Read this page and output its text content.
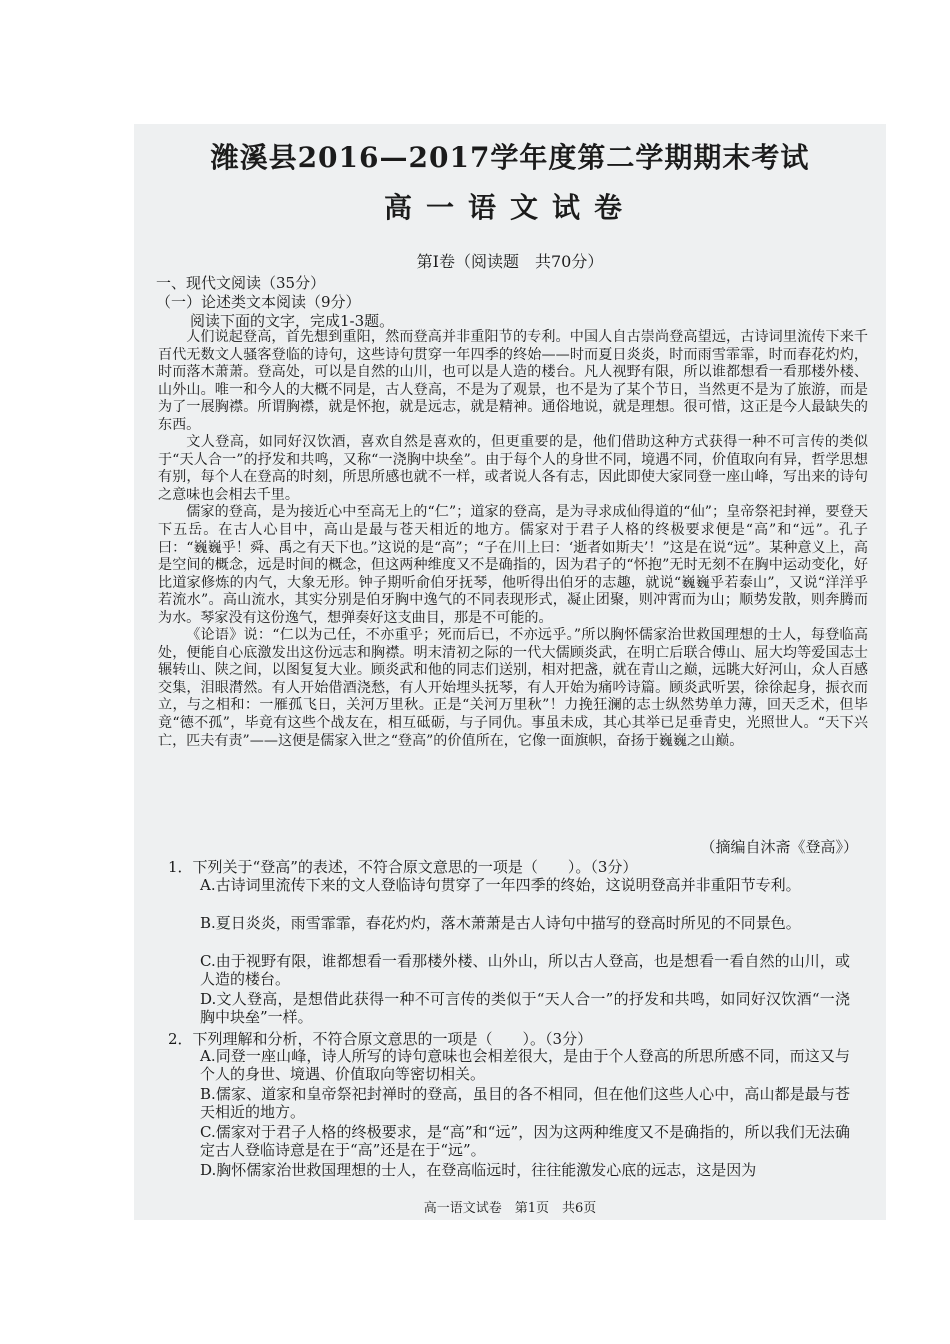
潍溪县2016—2017学年度第二学期期末考试
高一语文试卷
第Ⅰ卷（阅读题　共70分）
一、现代文阅读（35分）
（一）论述类文本阅读（9分）
阅读下面的文字，完成1-3题。
人们说起登高，首先想到重阳，然而登高并非重阳节的专利。中国人自古崇尚登高望远，古诗词里流传下来千百代无数文人骚客登临的诗句，这些诗句贯穿一年四季的终始——时而夏日炎炎，时而雨雪霏霏，时而春花灼灼，时而落木萧萧。登高处，可以是自然的山川，也可以是人造的楼台。凡人视野有限，所以谁都想看一看那楼外楼、山外山。唯一和今人的大概不同是，古人登高，不是为了观景，也不是为了某个节日，当然更不是为了旅游，而是为了一展胸襟。所谓胸襟，就是怀抱，就是远志，就是精神。通俗地说，就是理想。很可惜，这正是今人最缺失的东西。
文人登高，如同好汉饮酒，喜欢自然是喜欢的，但更重要的是，他们借助这种方式获得一种不可言传的类似于“天人合一”的抒发和共鸣，又称“一浇胸中块垒”。由于每个人的身世不同，境遇不同，价值取向有异，哲学思想有别，每个人在登高的时刻，所思所感也就不一样，或者说人各有志，因此即使大家同登一座山峰，写出来的诗句之意味也会相去千里。
儒家的登高，是为接近心中至高无上的“仁”；道家的登高，是为寻求成仙得道的“仙”；皇帝祭祀封禅，要登天下五岳。在古人心目中，高山是最与苍天相近的地方。儒家对于君子人格的终极要求便是“高”和“远”。孔子曰：“巍巍乎！舜、禹之有天下也。”这说的是“高”；“子在川上曰：‘逝者如斯夫’！”这是在说“远”。某种意义上，高是空间的概念，远是时间的概念，但这两种维度又不是确指的，因为君子的“怀抱”无时无刻不在胸中运动变化，好比道家修炼的内气，大象无形。钟子期听俞伯牙抚琴，他听得出伯牙的志趣，就说“巍巍乎若泰山”，又说“洋洋乎若流水”。高山流水，其实分别是伯牙胸中逸气的不同表现形式，凝止团聚，则冲霄而为山；顺势发散，则奔腾而为水。琴家没有这份逸气，想弹奏好这支曲目，那是不可能的。
《论语》说：“仁以为己任，不亦重乎；死而后已，不亦远乎。”所以胸怀儒家治世救国理想的士人，每登临高处，便能自心底激发出这份远志和胸襟。明末清初之际的一代大儒顾炎武，在明亡后联合傅山、屈大均等爱国志士辗转山、陕之间，以图复复大业。顾炎武和他的同志们送别，相对把盏，就在青山之巅，远眺大好河山，众人百感交集，泪眼潸然。有人开始借酒浇愁，有人开始埋头抚琴，有人开始为痛吟诗篇。顾炎武听罢，徐徐起身，振衣而立，与之相和：一雁孤飞日，关河万里秋。正是“关河万里秋”！力挽狂澜的志士纵然势单力薄，回天乏术，但毕竟“德不孤”，毕竟有这些个战友在，相互砥砺，与子同仇。事虽未成，其心其举已足垂青史，光照世人。“天下兴亡，匹夫有责”——这便是儒家入世之“登高”的价值所在，它像一面旗帜，奋扬于巍巍之山巅。
（摘编自沐斋《登高》）
1．下列关于“登高”的表述，不符合原文意思的一项是（　　）。（3分）
A.古诗词里流传下来的文人登临诗句贯穿了一年四季的终始，这说明登高并非重阳节专利。
B.夏日炎炎，雨雪霏霏，春花灼灼，落木萧萧是古人诗句中描写的登高时所见的不同景色。
C.由于视野有限，谁都想看一看那楼外楼、山外山，所以古人登高，也是想看一看自然的山川，或人造的楼台。
D.文人登高，是想借此获得一种不可言传的类似于“天人合一”的抒发和共鸣，如同好汉饮酒“一浇胸中块垒”一样。
2．下列理解和分析，不符合原文意思的一项是（　　）。（3分）
A.同登一座山峰，诗人所写的诗句意味也会相差很大，是由于个人登高的所思所感不同，而这又与个人的身世、境遇、价值取向等密切相关。
B.儒家、道家和皇帝祭祀封禅时的登高，虽目的各不相同，但在他们这些人心中，高山都是最与苍天相近的地方。
C.儒家对于君子人格的终极要求，是“高”和“远”，因为这两种维度又不是确指的，所以我们无法确定古人登临诗意是在于“高”还是在于“远”。
D.胸怀儒家治世救国理想的士人，在登高临远时，往往能激发心底的远志，这是因为
高一语文试卷　第1页　共6页
